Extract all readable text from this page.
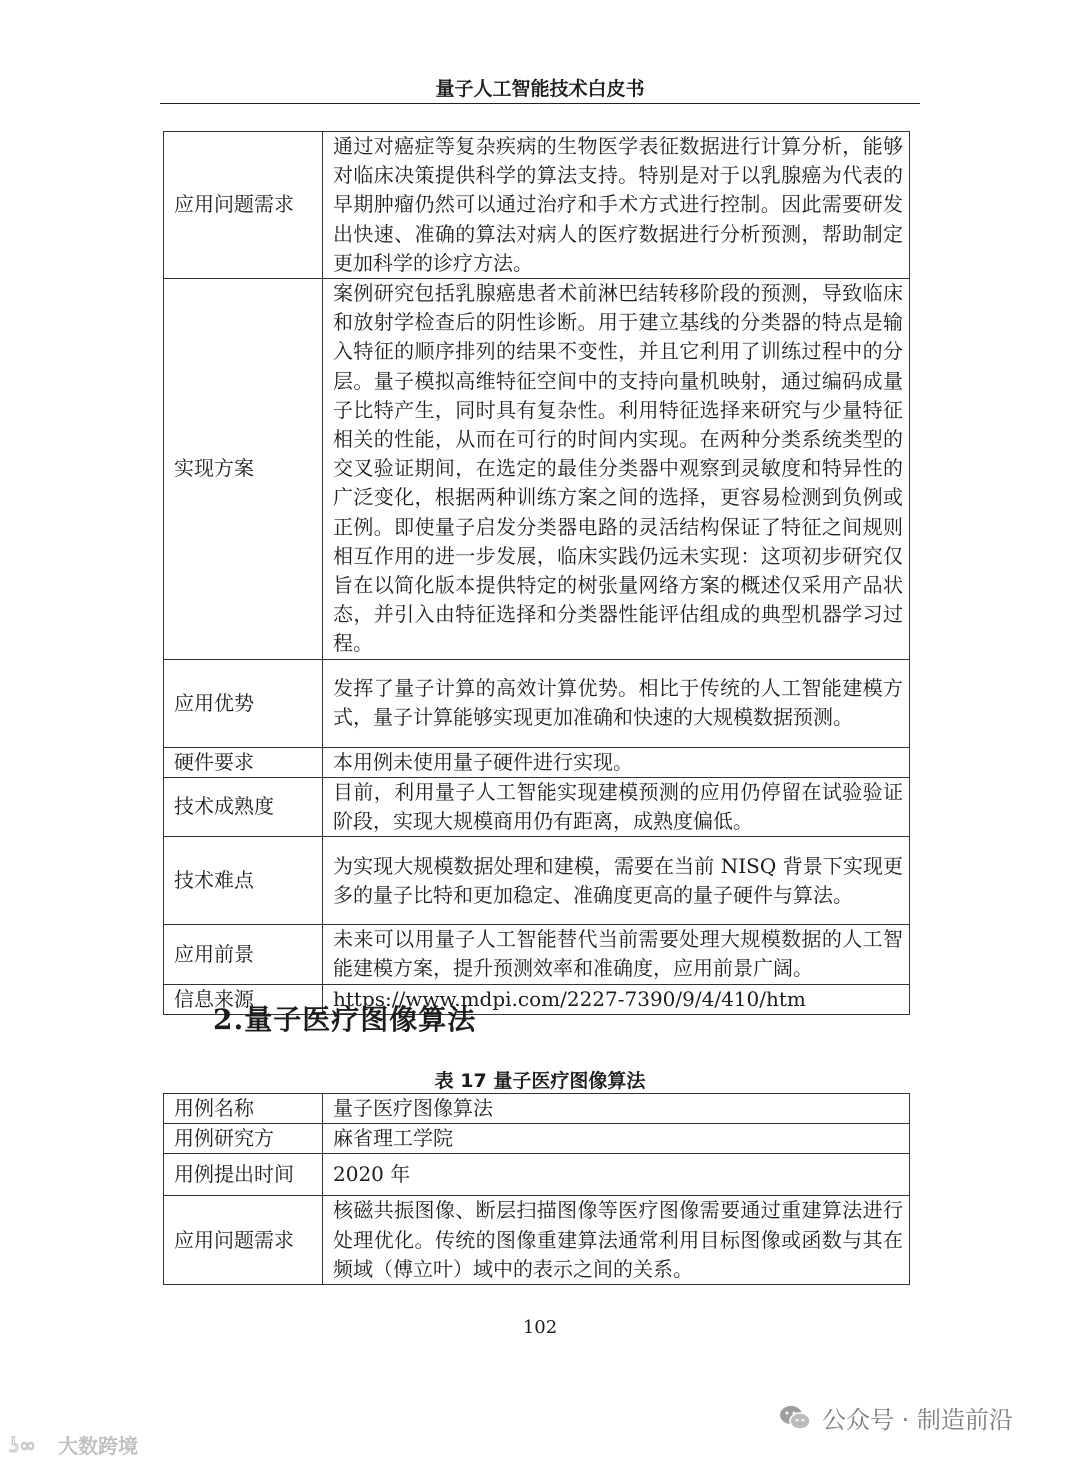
量子人工智能技术白皮书
应用问题需求	通过对癌症等复杂疾病的生物医学表征数据进行计算分析，能够对临床决策提供科学的算法支持。特别是对于以乳腺癌为代表的早期肿瘤仍然可以通过治疗和手术方式进行控制。因此需要研发出快速、准确的算法对病人的医疗数据进行分析预测，帮助制定更加科学的诊疗方法。
实现方案	案例研究包括乳腺癌患者术前淋巴结转移阶段的预测，导致临床和放射学检查后的阴性诊断。用于建立基线的分类器的特点是输入特征的顺序排列的结果不变性，并且它利用了训练过程中的分层。量子模拟高维特征空间中的支持向量机映射，通过编码成量子比特产生，同时具有复杂性。利用特征选择来研究与少量特征相关的性能，从而在可行的时间内实现。在两种分类系统类型的交叉验证期间，在选定的最佳分类器中观察到灵敏度和特异性的广泛变化，根据两种训练方案之间的选择，更容易检测到负例或正例。即使量子启发分类器电路的灵活结构保证了特征之间规则相互作用的进一步发展，临床实践仍远未实现：这项初步研究仅旨在以简化版本提供特定的树张量网络方案的概述仅采用产品状态，并引入由特征选择和分类器性能评估组成的典型机器学习过程。
应用优势	发挥了量子计算的高效计算优势。相比于传统的人工智能建模方式，量子计算能够实现更加准确和快速的大规模数据预测。
硬件要求	本用例未使用量子硬件进行实现。
技术成熟度	目前，利用量子人工智能实现建模预测的应用仍停留在试验验证阶段，实现大规模商用仍有距离，成熟度偏低。
技术难点	为实现大规模数据处理和建模，需要在当前 NISQ 背景下实现更多的量子比特和更加稳定、准确度更高的量子硬件与算法。
应用前景	未来可以用量子人工智能替代当前需要处理大规模数据的人工智能建模方案，提升预测效率和准确度，应用前景广阔。
信息来源	https://www.mdpi.com/2227-7390/9/4/410/htm
2.量子医疗图像算法
表 17 量子医疗图像算法
用例名称	量子医疗图像算法
用例研究方	麻省理工学院
用例提出时间	2020 年
应用问题需求	核磁共振图像、断层扫描图像等医疗图像需要通过重建算法进行处理优化。传统的图像重建算法通常利用目标图像或函数与其在频域（傅立叶）域中的表示之间的关系。
102
ʖ∞ 大数跨境
公众号 · 制造前沿
